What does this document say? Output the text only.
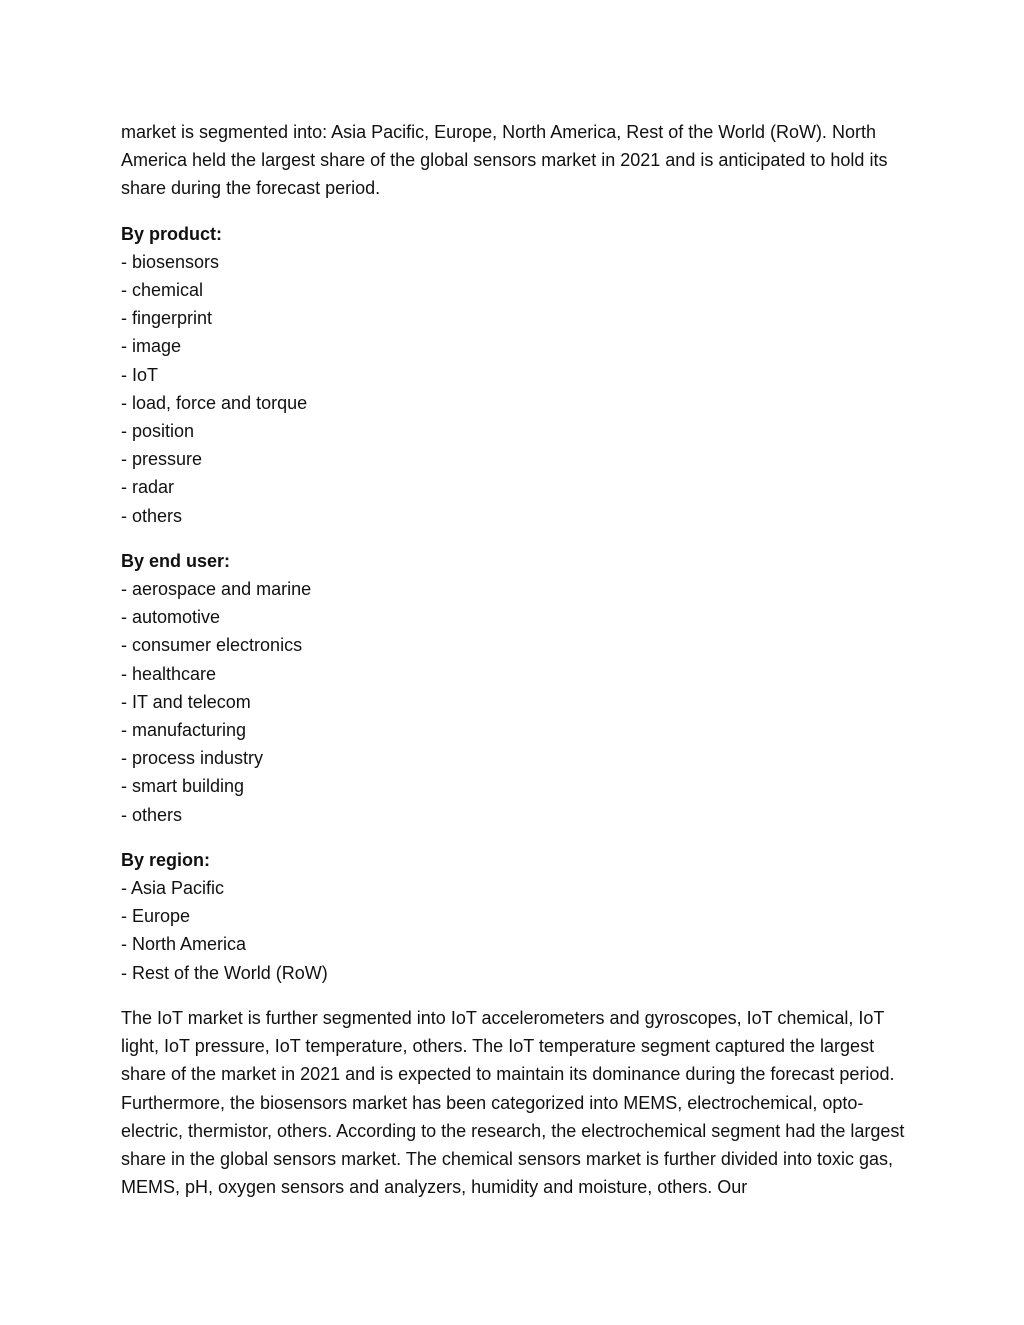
market is segmented into: Asia Pacific, Europe, North America, Rest of the World (RoW). North America held the largest share of the global sensors market in 2021 and is anticipated to hold its share during the forecast period.

By product:
- biosensors
- chemical
- fingerprint
- image
- IoT
- load, force and torque
- position
- pressure
- radar
- others
By end user:
- aerospace and marine
- automotive
- consumer electronics
- healthcare
- IT and telecom
- manufacturing
- process industry
- smart building
- others
By region:
- Asia Pacific
- Europe
- North America
- Rest of the World (RoW)

The IoT market is further segmented into IoT accelerometers and gyroscopes, IoT chemical, IoT light, IoT pressure, IoT temperature, others. The IoT temperature segment captured the largest share of the market in 2021 and is expected to maintain its dominance during the forecast period. Furthermore, the biosensors market has been categorized into MEMS, electrochemical, opto-electric, thermistor, others. According to the research, the electrochemical segment had the largest share in the global sensors market. The chemical sensors market is further divided into toxic gas, MEMS, pH, oxygen sensors and analyzers, humidity and moisture, others. Our
